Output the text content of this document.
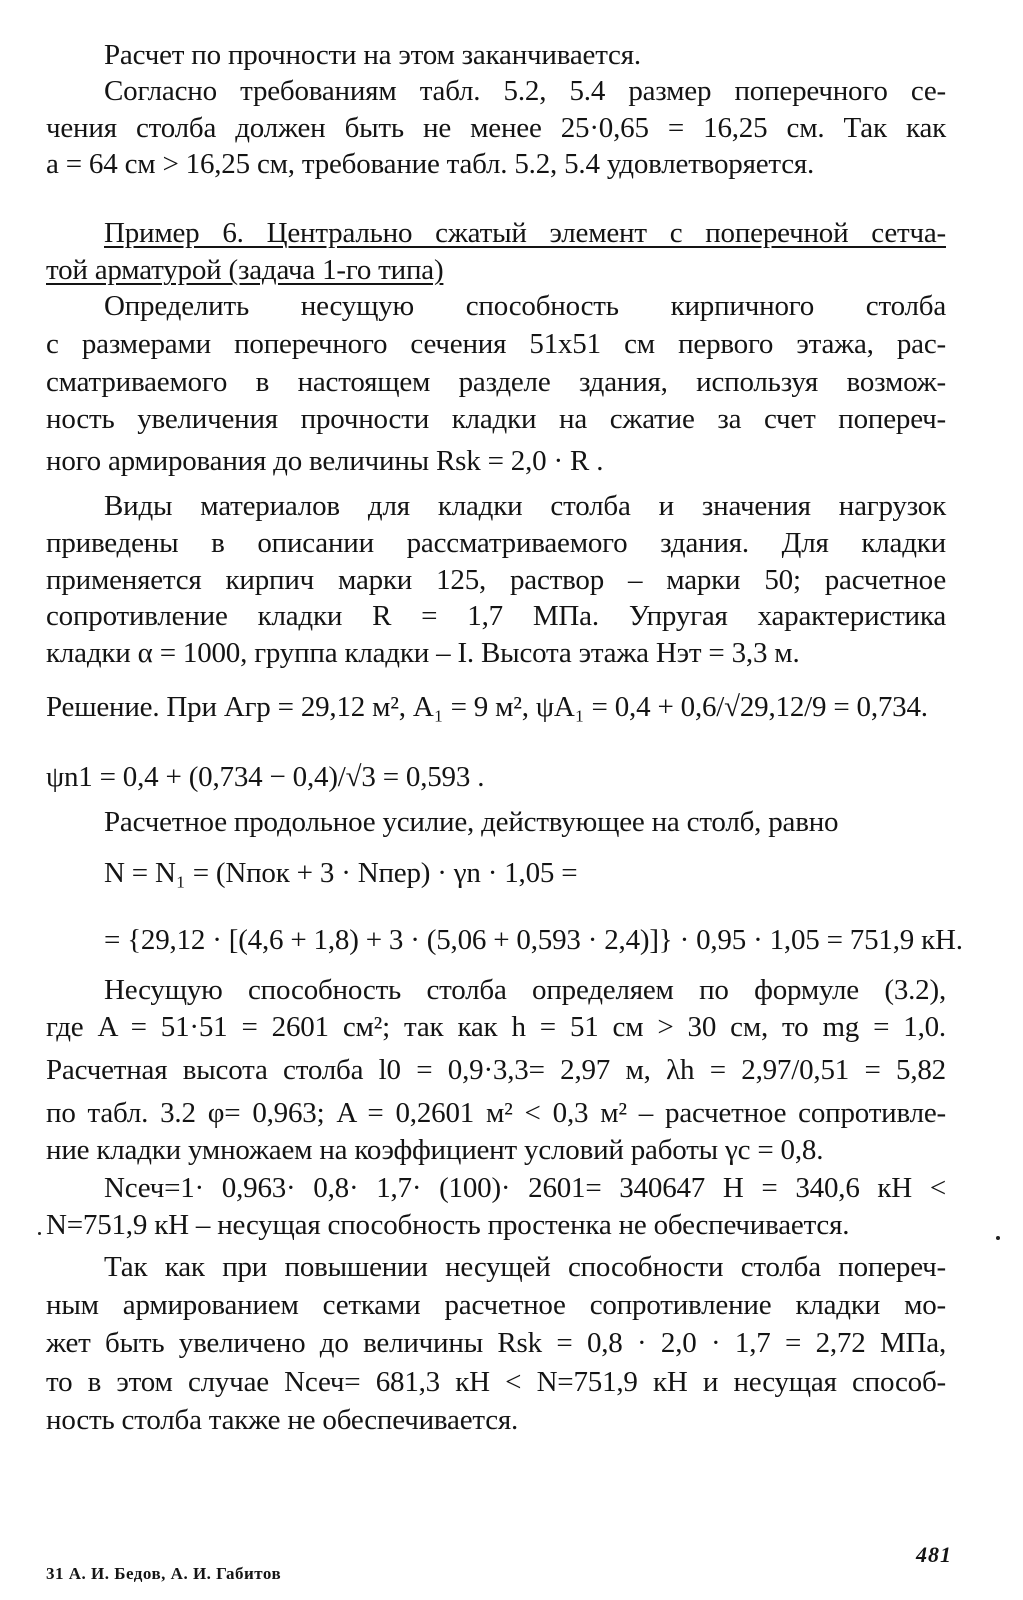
Расчет по прочности на этом заканчивается.
Согласно требованиям табл. 5.2, 5.4 размер поперечного се-
чения столба должен быть не менее 25·0,65 = 16,25 см. Так как
a = 64 см > 16,25 см, требование табл. 5.2, 5.4 удовлетворяется.
Пример 6. Центрально сжатый элемент с поперечной сетча-
той арматурой (задача 1-го типа)
Определить несущую способность кирпичного столба
с размерами поперечного сечения 51х51 см первого этажа, рас-
сматриваемого в настоящем разделе здания, используя возмож-
ность увеличения прочности кладки на сжатие за счет попереч-
ного армирования до величины Rsk = 2,0 · R .
Виды материалов для кладки столба и значения нагрузок
приведены в описании рассматриваемого здания. Для кладки
применяется кирпич марки 125, раствор – марки 50; расчетное
сопротивление кладки R = 1,7 МПа. Упругая характеристика
кладки α = 1000, группа кладки – I. Высота этажа Hэт = 3,3 м.
Решение. При Aгр = 29,12 м², A₁ = 9 м², ψA₁ = 0,4 + 0,6/√29,12/9 = 0,734.
ψn1 = 0,4 + (0,734 − 0,4)/√3 = 0,593 .
Расчетное продольное усилие, действующее на столб, равно
N = N₁ = (Nпок + 3 · Nпер) · γn · 1,05 =
= {29,12 · [(4,6 + 1,8) + 3 · (5,06 + 0,593 · 2,4)]} · 0,95 · 1,05 = 751,9 кН.
Несущую способность столба определяем по формуле (3.2),
где A = 51·51 = 2601 см²; так как h = 51 см > 30 см, то mg = 1,0.
Расчетная высота столба l0 = 0,9·3,3= 2,97 м, λh = 2,97/0,51 = 5,82
по табл. 3.2 φ= 0,963; A = 0,2601 м² < 0,3 м² – расчетное сопротивле-
ние кладки умножаем на коэффициент условий работы γc = 0,8.
Nсеч=1· 0,963· 0,8· 1,7· (100)· 2601= 340647 Н = 340,6 кН <
N=751,9 кН – несущая способность простенка не обеспечивается.
Так как при повышении несущей способности столба попереч-
ным армированием сетками расчетное сопротивление кладки мо-
жет быть увеличено до величины Rsk = 0,8 · 2,0 · 1,7 = 2,72 МПа,
то в этом случае Nсеч= 681,3 кН < N=751,9 кН и несущая способ-
ность столба также не обеспечивается.
31 А. И. Бедов, А. И. Габитов
481
